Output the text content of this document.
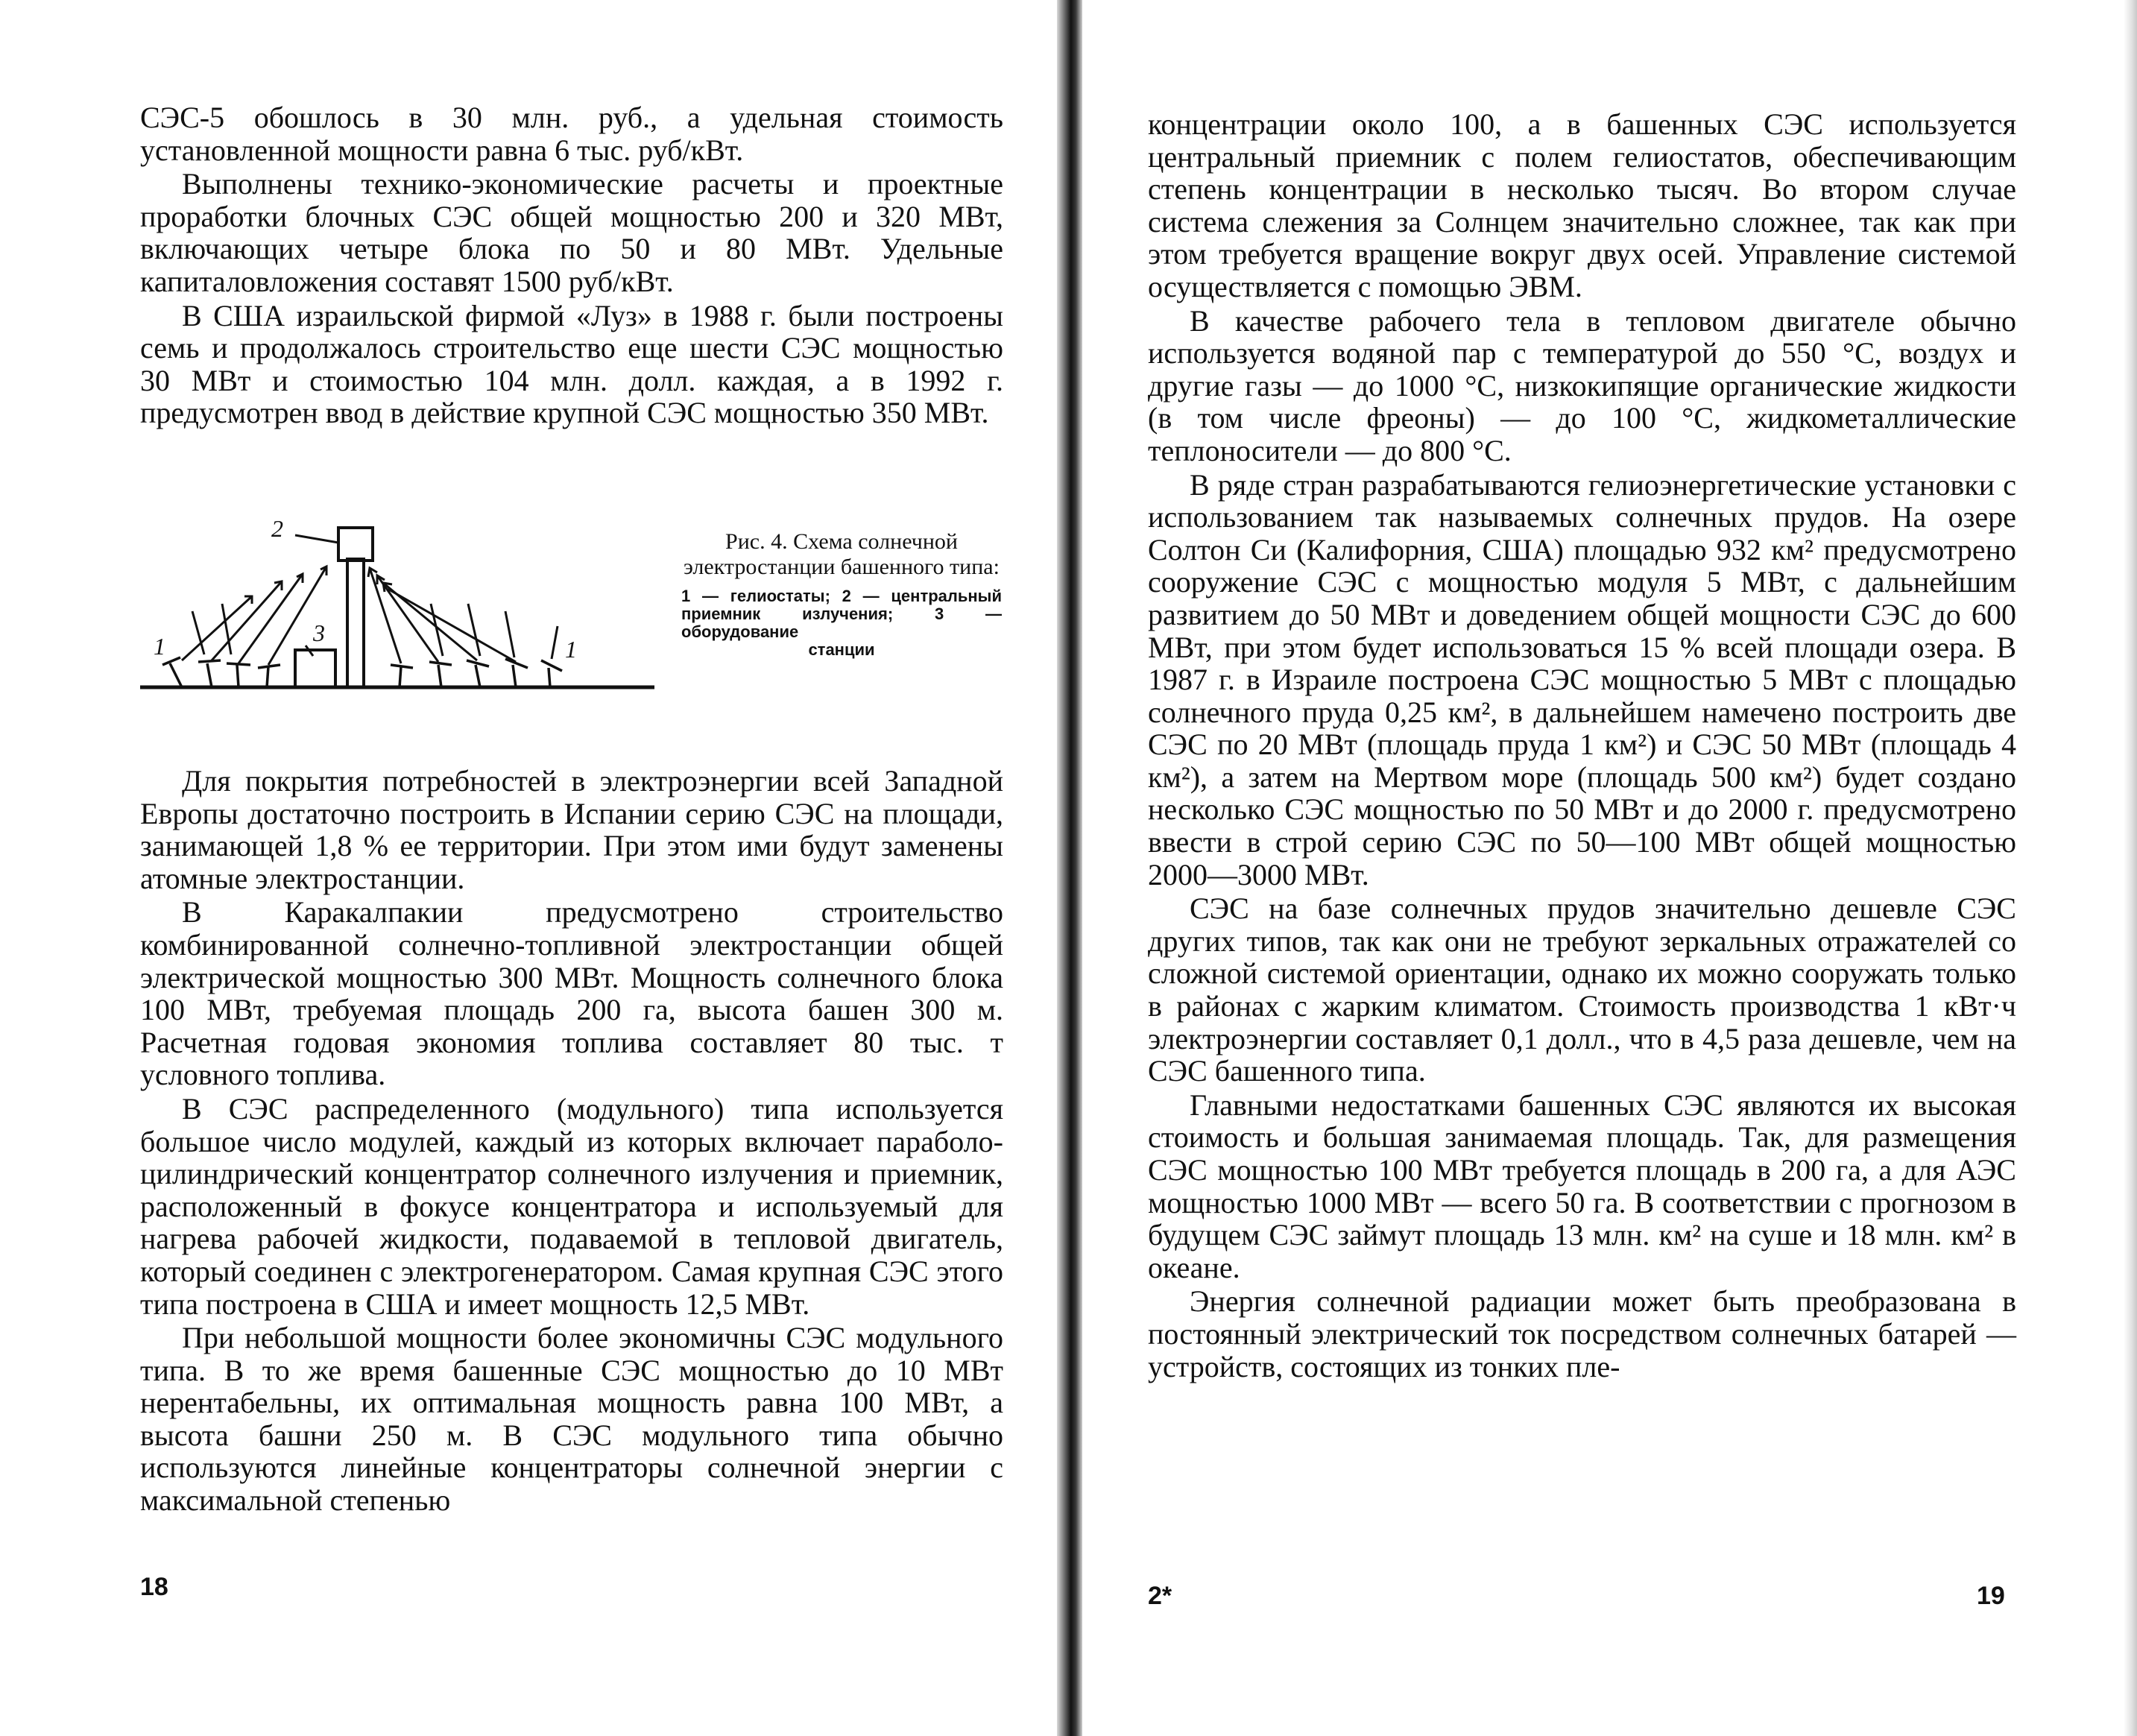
СЭС-5 обошлось в 30 млн. руб., а удельная стоимость установленной мощности равна 6 тыс. руб/кВт.

Выполнены технико-экономические расчеты и проектные проработки блочных СЭС общей мощностью 200 и 320 МВт, включающих четыре блока по 50 и 80 МВт. Удельные капиталовложения составят 1500 руб/кВт.

В США израильской фирмой «Луз» в 1988 г. были построены семь и продолжалось строительство еще шести СЭС мощностью 30 МВт и стоимостью 104 млн. долл. каждая, а в 1992 г. предусмотрен ввод в действие крупной СЭС мощностью 350 МВт.

1	1
2
3
Рис. 4. Схема солнечной электростанции башенного типа:
1 — гелиостаты; 2 — центральный приемник излучения; 3 — оборудование
станции

Для покрытия потребностей в электроэнергии всей Западной Европы достаточно построить в Испании серию СЭС на площади, занимающей 1,8 % ее территории. При этом ими будут заменены атомные электростанции.

В Каракалпакии предусмотрено строительство комбинированной солнечно-топливной электростанции общей электрической мощностью 300 МВт. Мощность солнечного блока 100 МВт, требуемая площадь 200 га, высота башен 300 м. Расчетная годовая экономия топлива составляет 80 тыс. т условного топлива.

В СЭС распределенного (модульного) типа используется большое число модулей, каждый из которых включает параболо-цилиндрический концентратор солнечного излучения и приемник, расположенный в фокусе концентратора и используемый для нагрева рабочей жидкости, подаваемой в тепловой двигатель, который соединен с электрогенератором. Самая крупная СЭС этого типа построена в США и имеет мощность 12,5 МВт.

При небольшой мощности более экономичны СЭС модульного типа. В то же время башенные СЭС мощностью до 10 МВт нерентабельны, их оптимальная мощность равна 100 МВт, а высота башни 250 м. В СЭС модульного типа обычно используются линейные концентраторы солнечной энергии с максимальной степенью

концентрации около 100, а в башенных СЭС используется центральный приемник с полем гелиостатов, обеспечивающим степень концентрации в несколько тысяч. Во втором случае система слежения за Солнцем значительно сложнее, так как при этом требуется вращение вокруг двух осей. Управление системой осуществляется с помощью ЭВМ.

В качестве рабочего тела в тепловом двигателе обычно используется водяной пар с температурой до 550 °С, воздух и другие газы — до 1000 °С, низкокипящие органические жидкости (в том числе фреоны) — до 100 °С, жидкометаллические теплоносители — до 800 °С.

В ряде стран разрабатываются гелиоэнергетические установки с использованием так называемых солнечных прудов. На озере Солтон Си (Калифорния, США) площадью 932 км² предусмотрено сооружение СЭС с мощностью модуля 5 МВт, с дальнейшим развитием до 50 МВт и доведением общей мощности СЭС до 600 МВт, при этом будет использоваться 15 % всей площади озера. В 1987 г. в Израиле построена СЭС мощностью 5 МВт с площадью солнечного пруда 0,25 км², в дальнейшем намечено построить две СЭС по 20 МВт (площадь пруда 1 км²) и СЭС 50 МВт (площадь 4 км²), а затем на Мертвом море (площадь 500 км²) будет создано несколько СЭС мощностью по 50 МВт и до 2000 г. предусмотрено ввести в строй серию СЭС по 50—100 МВт общей мощностью 2000—3000 МВт.

СЭС на базе солнечных прудов значительно дешевле СЭС других типов, так как они не требуют зеркальных отражателей со сложной системой ориентации, однако их можно сооружать только в районах с жарким климатом. Стоимость производства 1 кВт·ч электроэнергии составляет 0,1 долл., что в 4,5 раза дешевле, чем на СЭС башенного типа.

Главными недостатками башенных СЭС являются их высокая стоимость и большая занимаемая площадь. Так, для размещения СЭС мощностью 100 МВт требуется площадь в 200 га, а для АЭС мощностью 1000 МВт — всего 50 га. В соответствии с прогнозом в будущем СЭС займут площадь 13 млн. км² на суше и 18 млн. км² в океане.

Энергия солнечной радиации может быть преобразована в постоянный электрический ток посредством солнечных батарей — устройств, состоящих из тонких пле-

18	2*	19
